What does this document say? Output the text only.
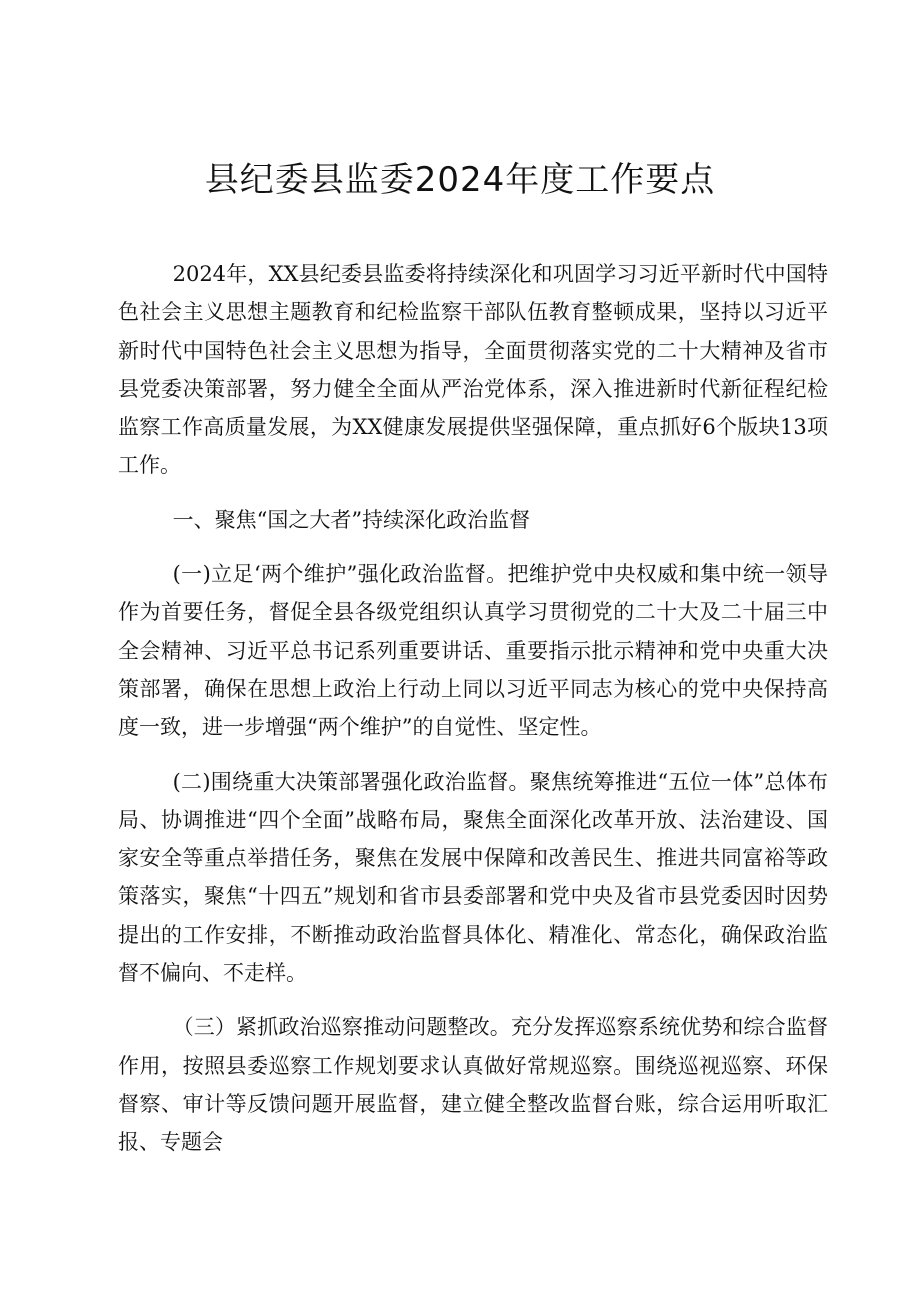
县纪委县监委2024年度工作要点

2024年，XX县纪委县监委将持续深化和巩固学习习近平新时代中国特色社会主义思想主题教育和纪检监察干部队伍教育整顿成果，坚持以习近平新时代中国特色社会主义思想为指导，全面贯彻落实党的二十大精神及省市县党委决策部署，努力健全全面从严治党体系，深入推进新时代新征程纪检监察工作高质量发展，为XX健康发展提供坚强保障，重点抓好6个版块13项工作。

一、聚焦“国之大者”持续深化政治监督

(一)立足‘两个维护”强化政治监督。把维护党中央权威和集中统一领导作为首要任务，督促全县各级党组织认真学习贯彻党的二十大及二十届三中全会精神、习近平总书记系列重要讲话、重要指示批示精神和党中央重大决策部署，确保在思想上政治上行动上同以习近平同志为核心的党中央保持高度一致，进一步增强“两个维护”的自觉性、坚定性。

(二)围绕重大决策部署强化政治监督。聚焦统筹推进“五位一体”总体布局、协调推进“四个全面”战略布局，聚焦全面深化改革开放、法治建设、国家安全等重点举措任务，聚焦在发展中保障和改善民生、推进共同富裕等政策落实，聚焦“十四五”规划和省市县委部署和党中央及省市县党委因时因势提出的工作安排，不断推动政治监督具体化、精准化、常态化，确保政治监督不偏向、不走样。

（三）紧抓政治巡察推动问题整改。充分发挥巡察系统优势和综合监督作用，按照县委巡察工作规划要求认真做好常规巡察。围绕巡视巡察、环保督察、审计等反馈问题开展监督，建立健全整改监督台账，综合运用听取汇报、专题会
